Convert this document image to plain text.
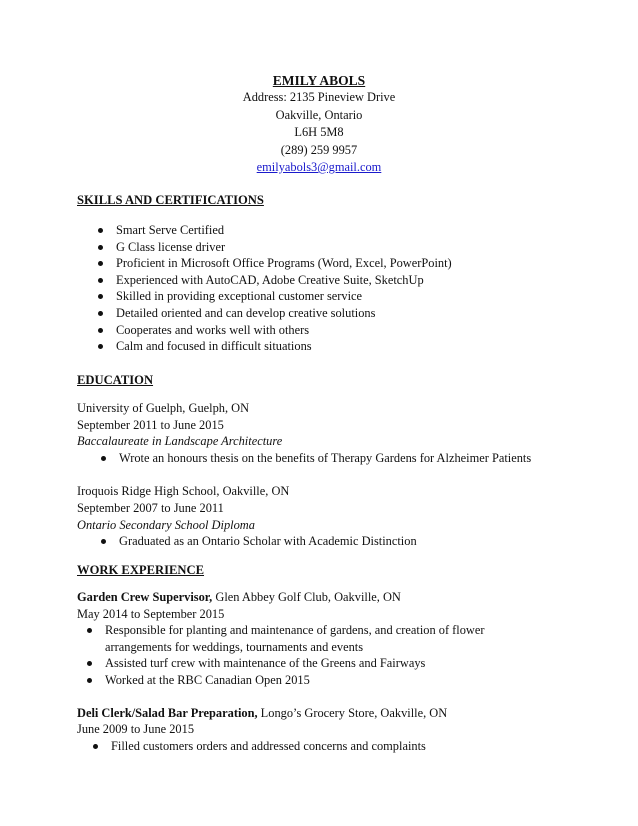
EMILY ABOLS
Address: 2135 Pineview Drive
Oakville, Ontario
L6H 5M8
(289) 259 9957
emilyabols3@gmail.com
SKILLS AND CERTIFICATIONS
Smart Serve Certified
G Class license driver
Proficient in Microsoft Office Programs (Word, Excel, PowerPoint)
Experienced with AutoCAD, Adobe Creative Suite, SketchUp
Skilled in providing exceptional customer service
Detailed oriented and can develop creative solutions
Cooperates and works well with others
Calm and focused in difficult situations
EDUCATION
University of Guelph, Guelph, ON
September 2011 to June 2015
Baccalaureate in Landscape Architecture
Wrote an honours thesis on the benefits of Therapy Gardens for Alzheimer Patients
Iroquois Ridge High School, Oakville, ON
September 2007 to June 2011
Ontario Secondary School Diploma
Graduated as an Ontario Scholar with Academic Distinction
WORK EXPERIENCE
Garden Crew Supervisor, Glen Abbey Golf Club, Oakville, ON
May 2014 to September 2015
Responsible for planting and maintenance of gardens, and creation of flower
arrangements for weddings, tournaments and events
Assisted turf crew with maintenance of the Greens and Fairways
Worked at the RBC Canadian Open 2015
Deli Clerk/Salad Bar Preparation, Longo’s Grocery Store, Oakville, ON
June 2009 to June 2015
Filled customers orders and addressed concerns and complaints
